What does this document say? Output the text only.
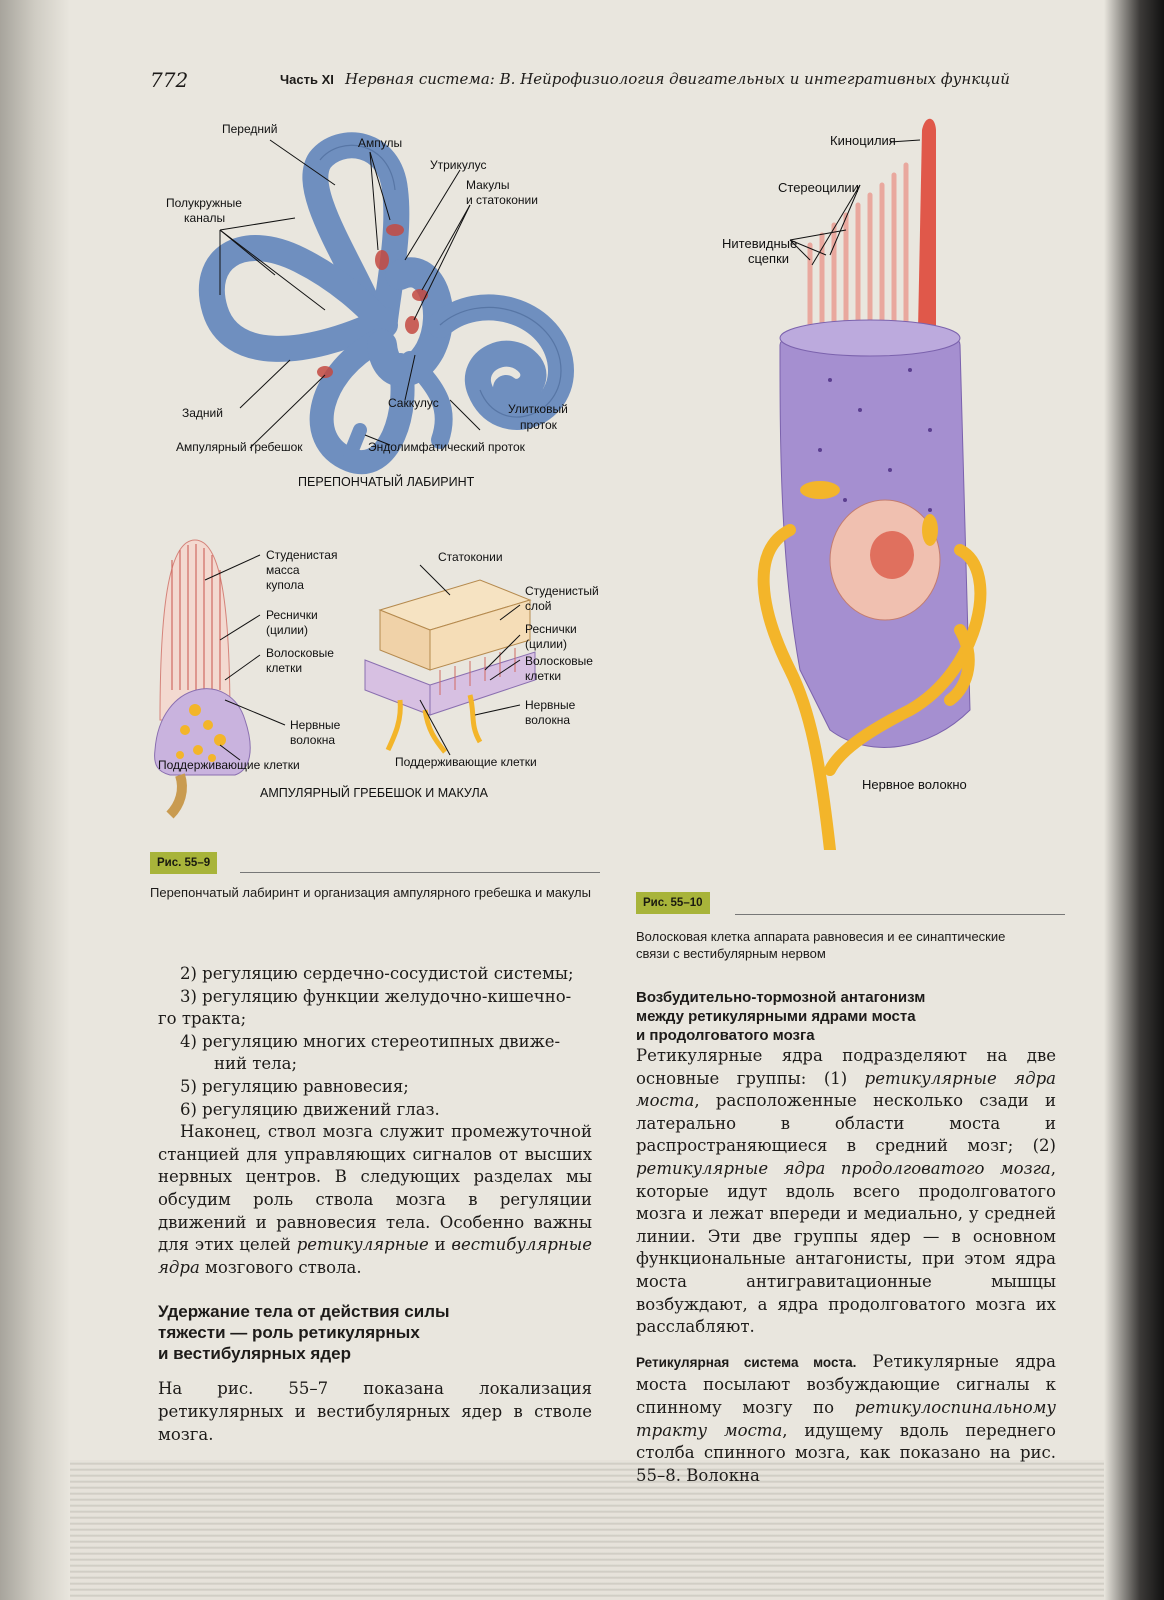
772	Часть XI Нервная система: В. Нейрофизиология двигательных и интегративных функций
Передний
Ампулы
Утрикулус
Полукружные
каналы
Макулы
и статоконии
Задний
Саккулус	Улитковый
проток
Ампулярный гребешок	Эндолимфатический проток
ПЕРЕПОНЧАТЫЙ ЛАБИРИНТ
Студенистая
масса
купола
Реснички
(цилии)
Волосковые
клетки
Нервные
волокна
Поддерживающие клетки
Статоконии
Студенистый
слой
Реснички
(цилии)
Волосковые
клетки
Нервные
волокна
Поддерживающие клетки
АМПУЛЯРНЫЙ ГРЕБЕШОК И МАКУЛА
Рис. 55–9
Перепончатый лабиринт и организация ампулярного гребешка и макулы
Киноцилия
Стереоцилии
Нитевидные
сцепки
Нервное волокно
Рис. 55–10
Волосковая клетка аппарата равновесия и ее синаптические
связи с вестибулярным нервом
2) регуляцию сердечно-сосудистой системы;
3) регуляцию функции желудочно-кишечно-
го тракта;
4) регуляцию многих стереотипных движе-
ний тела;
5) регуляцию равновесия;
6) регуляцию движений глаз.

Наконец, ствол мозга служит промежуточной станцией для управляющих сигналов от высших нервных центров. В следующих разделах мы обсудим роль ствола мозга в регуляции движений и равновесия тела. Особенно важны для этих целей ретикулярные и вестибулярные ядра мозгового ствола.

Удержание тела от действия силы
тяжести — роль ретикулярных
и вестибулярных ядер

На рис. 55–7 показана локализация ретикулярных и вестибулярных ядер в стволе мозга.

Возбудительно-тормозной антагонизм
между ретикулярными ядрами моста
и продолговатого мозга

Ретикулярные ядра подразделяют на две основные группы: (1) ретикулярные ядра моста, расположенные несколько сзади и латерально в области моста и распространяющиеся в средний мозг; (2) ретикулярные ядра продолговатого мозга, которые идут вдоль всего продолговатого мозга и лежат впереди и медиально, у средней линии. Эти две группы ядер — в основном функциональные антагонисты, при этом ядра моста антигравитационные мышцы возбуждают, а ядра продолговатого мозга их расслабляют.

Ретикулярная система моста. Ретикулярные ядра моста посылают возбуждающие сигналы к спинному мозгу по ретикулоспинальному тракту моста, идущему вдоль переднего столба спинного мозга, как показано на рис. 55–8. Волокна
